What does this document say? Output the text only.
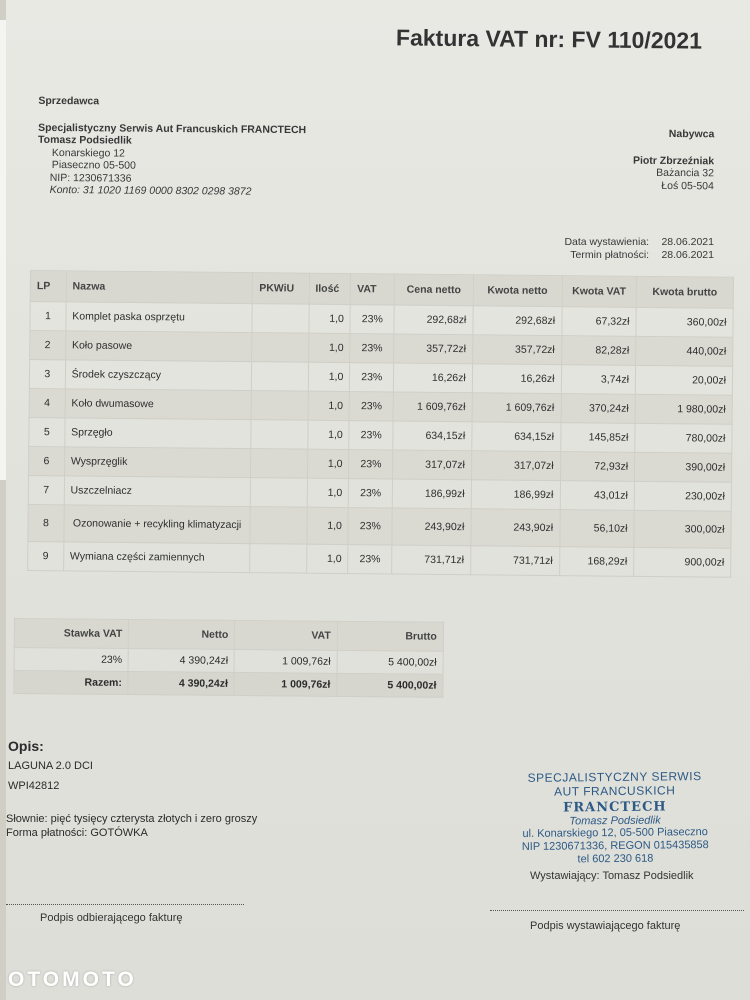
Faktura VAT nr: FV 110/2021
Sprzedawca
Specjalistyczny Serwis Aut Francuskich FRANCTECH
Tomasz Podsiedlik
Konarskiego 12
Piaseczno 05-500
NIP: 1230671336
Konto: 31 1020 1169 0000 8302 0298 3872
Nabywca
Piotr Zbrzeźniak
Bażancia 32
Łoś 05-504
Data wystawienia: 28.06.2021
Termin płatności: 28.06.2021
LP	Nazwa	PKWiU	Ilość	VAT	Cena netto	Kwota netto	Kwota VAT	Kwota brutto
1	Komplet paska osprzętu		1,0	23%	292,68zł	292,68zł	67,32zł	360,00zł
2	Koło pasowe		1,0	23%	357,72zł	357,72zł	82,28zł	440,00zł
3	Środek czyszczący		1,0	23%	16,26zł	16,26zł	3,74zł	20,00zł
4	Koło dwumasowe		1,0	23%	1 609,76zł	1 609,76zł	370,24zł	1 980,00zł
5	Sprzęgło		1,0	23%	634,15zł	634,15zł	145,85zł	780,00zł
6	Wysprzęglik		1,0	23%	317,07zł	317,07zł	72,93zł	390,00zł
7	Uszczelniacz		1,0	23%	186,99zł	186,99zł	43,01zł	230,00zł
8	Ozonowanie + recykling klimatyzacji		1,0	23%	243,90zł	243,90zł	56,10zł	300,00zł
9	Wymiana części zamiennych		1,0	23%	731,71zł	731,71zł	168,29zł	900,00zł
Stawka VAT	Netto	VAT	Brutto
23%	4 390,24zł	1 009,76zł	5 400,00zł
Razem:	4 390,24zł	1 009,76zł	5 400,00zł
Opis:
LAGUNA 2.0 DCI
WPI42812
Słownie: pięć tysięcy czterysta złotych i zero groszy
Forma płatności: GOTÓWKA
SPECJALISTYCZNY SERWIS
AUT FRANCUSKICH
FRANCTECH
Tomasz Podsiedlik
ul. Konarskiego 12, 05-500 Piaseczno
NIP 1230671336, REGON 015435858
tel 602 230 618
Wystawiający: Tomasz Podsiedlik
Podpis odbierającego fakturę
Podpis wystawiającego fakturę
OTOMOTO
